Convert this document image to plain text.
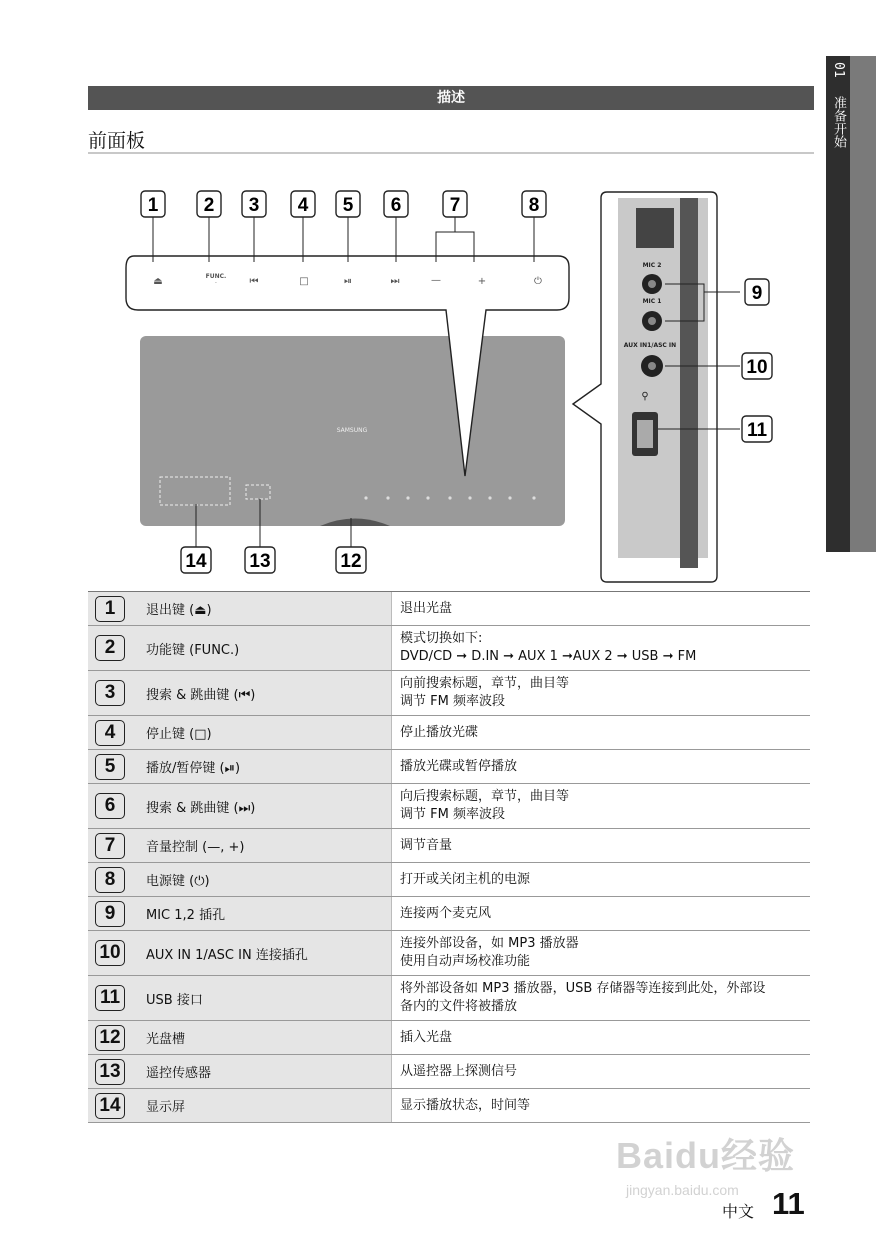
01 准备开始
描述
前面板
SAMSUNG
⏏	FUNC.
·	⏮	□	⏯	⏭	—	+	⏻
MIC 2
MIC 1
AUX IN1/ASC IN
⚲
1 2 3 4 5 6	7	8
9
10
11
12
13
14
1	退出键 (⏏)	退出光盘

2	功能键 (FUNC.)	模式切换如下:
DVD/CD ➞ D.IN ➞ AUX 1 ➞AUX 2 ➞ USB ➞ FM

3	搜索 & 跳曲键 (⏮)	向前搜索标题，章节，曲目等
调节 FM 频率波段

4	停止键 (□)	停止播放光碟

5	播放/暂停键 (⏯)	播放光碟或暂停播放

6	搜索 & 跳曲键 (⏭)	向后搜索标题，章节，曲目等
调节 FM 频率波段

7	音量控制 (—, +)	调节音量

8	电源键 (⏻)	打开或关闭主机的电源

9	MIC 1,2 插孔	连接两个麦克风

10	AUX IN 1/ASC IN 连接插孔	连接外部设备，如 MP3 播放器
使用自动声场校准功能

11	USB 接口	将外部设备如 MP3 播放器，USB 存储器等连接到此处，外部设
备内的文件将被播放

12	光盘槽	插入光盘

13	遥控传感器	从遥控器上探测信号

14	显示屏	显示播放状态，时间等
Baidu经验
jingyan.baidu.com
中文 11
